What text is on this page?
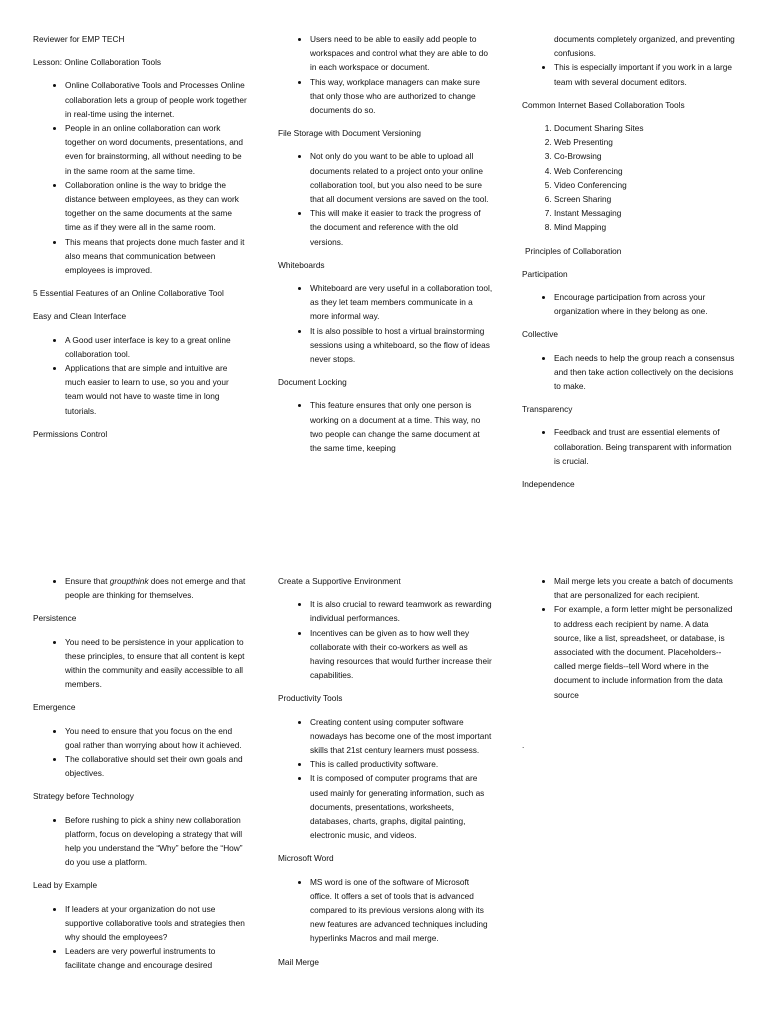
Reviewer for EMP TECH

Lesson: Online Collaboration Tools

• Online Collaborative Tools and Processes Online collaboration lets a group of people work together in real-time using the internet.
• People in an online collaboration can work together on word documents, presentations, and even for brainstorming, all without needing to be in the same room at the same time.
• Collaboration online is the way to bridge the distance between employees, as they can work together on the same documents at the same time as if they were all in the same room.
• This means that projects done much faster and it also means that communication between employees is improved.

5 Essential Features of an Online Collaborative Tool

Easy and Clean Interface

• A Good user interface is key to a great online collaboration tool.
• Applications that are simple and intuitive are much easier to learn to use, so you and your team would not have to waste time in long tutorials.

Permissions Control

• Users need to be able to easily add people to workspaces and control what they are able to do in each workspace or document.
• This way, workplace managers can make sure that only those who are authorized to change documents do so.

File Storage with Document Versioning

• Not only do you want to be able to upload all documents related to a project onto your online collaboration tool, but you also need to be sure that all document versions are saved on the tool.
• This will make it easier to track the progress of the document and reference with the old versions.

Whiteboards

• Whiteboard are very useful in a collaboration tool, as they let team members communicate in a more informal way.
• It is also possible to host a virtual brainstorming sessions using a whiteboard, so the flow of ideas never stops.

Document Locking

• This feature ensures that only one person is working on a document at a time. This way, no two people can change the same document at the same time, keeping
documents completely organized, and preventing confusions.
• This is especially important if you work in a large team with several document editors.

Common Internet Based Collaboration Tools

1. Document Sharing Sites
2. Web Presenting
3. Co-Browsing
4. Web Conferencing
5. Video Conferencing
6. Screen Sharing
7. Instant Messaging
8. Mind Mapping

Principles of Collaboration

Participation

• Encourage participation from across your organization where in they belong as one.

Collective

• Each needs to help the group reach a consensus and then take action collectively on the decisions to make.

Transparency

• Feedback and trust are essential elements of collaboration. Being transparent with information is crucial.

Independence

• Ensure that groupthink does not emerge and that people are thinking for themselves.

Persistence

• You need to be persistence in your application to these principles, to ensure that all content is kept within the community and easily accessible to all members.

Emergence

• You need to ensure that you focus on the end goal rather than worrying about how it achieved.
• The collaborative should set their own goals and objectives.

Strategy before Technology

• Before rushing to pick a shiny new collaboration platform, focus on developing a strategy that will help you understand the “Why” before the “How” do you use a platform.

Lead by Example

• If leaders at your organization do not use supportive collaborative tools and strategies then why should the employees?
• Leaders are very powerful instruments to facilitate change and encourage desired

Create a Supportive Environment

• It is also crucial to reward teamwork as rewarding individual performances.
• Incentives can be given as to how well they collaborate with their co-workers as well as having resources that would further increase their capabilities.

Productivity Tools

• Creating content using computer software nowadays has become one of the most important skills that 21st century learners must possess.
• This is called productivity software.
• It is composed of computer programs that are used mainly for generating information, such as documents, presentations, worksheets, databases, charts, graphs, digital painting, electronic music, and videos.

Microsoft Word

• MS word is one of the software of Microsoft office. It offers a set of tools that is advanced compared to its previous versions along with its new features are advanced techniques including hyperlinks Macros and mail merge.

Mail Merge

• Mail merge lets you create a batch of documents that are personalized for each recipient.
• For example, a form letter might be personalized to address each recipient by name. A data source, like a list, spreadsheet, or database, is associated with the document. Placeholders--called merge fields--tell Word where in the document to include information from the data source
.
